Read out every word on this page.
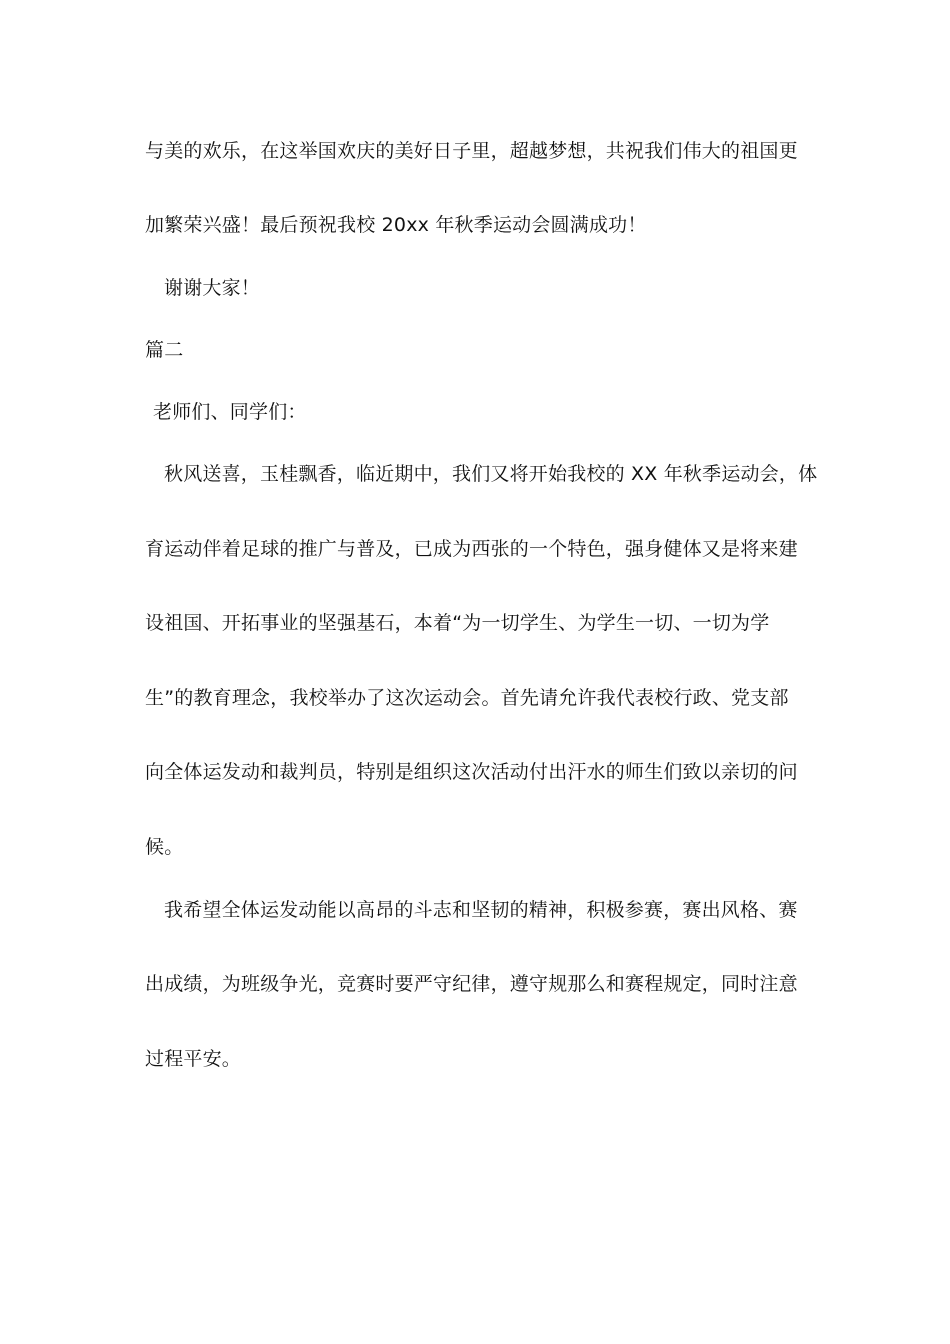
与美的欢乐，在这举国欢庆的美好日子里，超越梦想，共祝我们伟大的祖国更
加繁荣兴盛！最后预祝我校 20xx 年秋季运动会圆满成功！
谢谢大家！
篇二
老师们、同学们：
秋风送喜，玉桂飘香，临近期中，我们又将开始我校的 XX 年秋季运动会，体
育运动伴着足球的推广与普及，已成为西张的一个特色，强身健体又是将来建
设祖国、开拓事业的坚强基石，本着“为一切学生、为学生一切、一切为学
生”的教育理念，我校举办了这次运动会。首先请允许我代表校行政、党支部
向全体运发动和裁判员，特别是组织这次活动付出汗水的师生们致以亲切的问
候。
我希望全体运发动能以高昂的斗志和坚韧的精神，积极参赛，赛出风格、赛
出成绩，为班级争光，竞赛时要严守纪律，遵守规那么和赛程规定，同时注意
过程平安。
